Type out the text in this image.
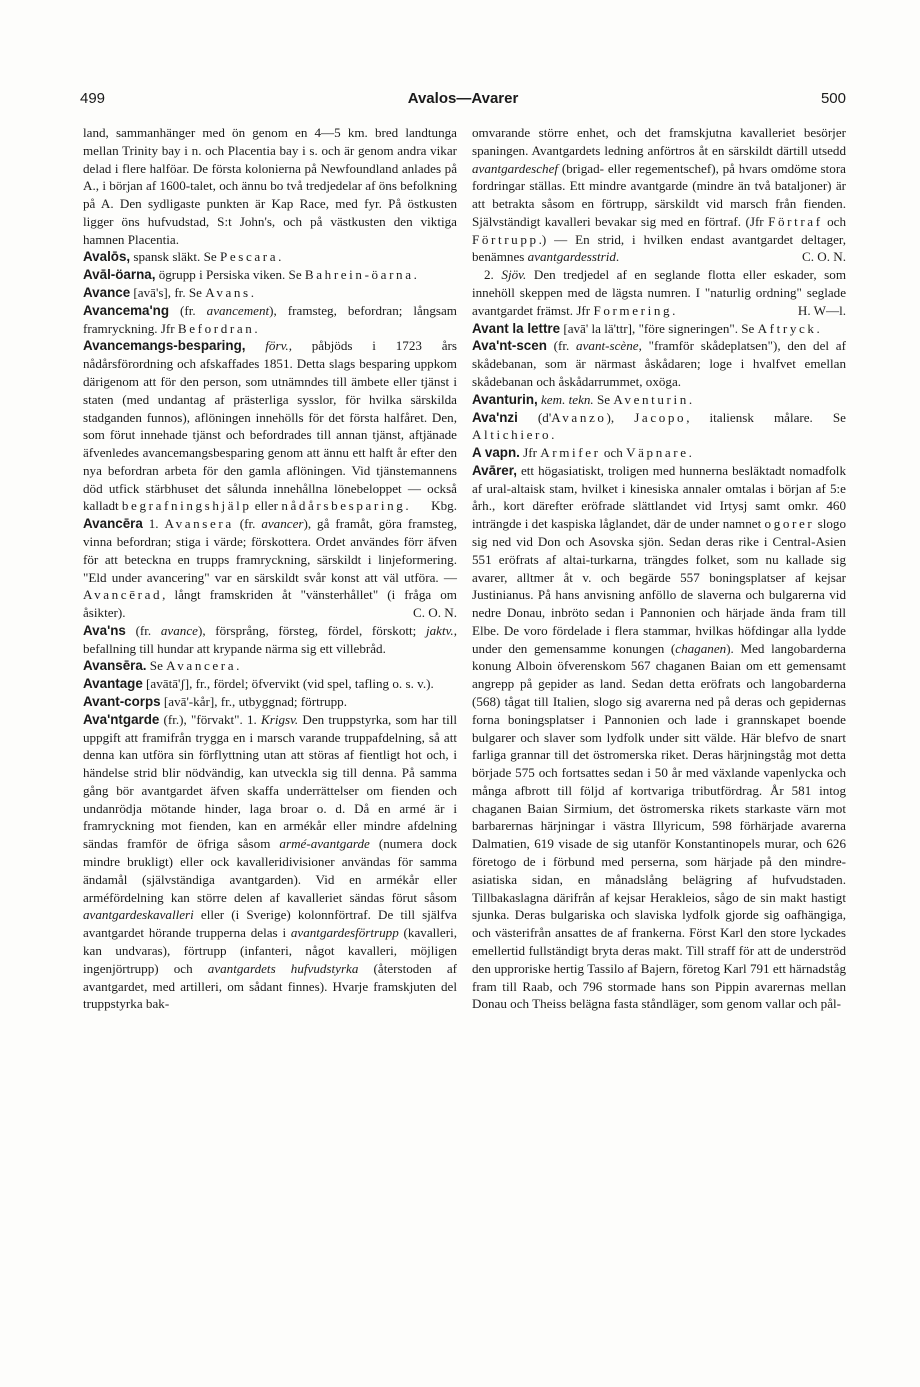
499	Avalos—Avarer	500

land, sammanhänger med ön genom en 4—5 km. bred landtunga mellan Trinity bay i n. och Placentia bay i s. och är genom andra vikar delad i flere halföar. De första kolonierna på Newfoundland anlades på A., i början af 1600-talet, och ännu bo två tredjedelar af öns befolkning på A. Den sydligaste punkten är Kap Race, med fyr. På östkusten ligger öns hufvudstad, S:t John's, och på västkusten den viktiga hamnen Placentia.

Avalōs, spansk släkt. Se Pescara.

Avāl-öarna, ögrupp i Persiska viken. Se Bahrein-öarna.

Avance [avā's], fr. Se Avans.

Avancema'ng (fr. avancement), framsteg, befordran; långsam framryckning. Jfr Befordran.

Avancemangs-besparing, förv., påbjöds i 1723 års nådårsförordning och afskaffades 1851. Detta slags besparing uppkom därigenom att för den person, som utnämndes till ämbete eller tjänst i staten (med undantag af prästerliga sysslor, för hvilka särskilda stadganden funnos), aflöningen innehölls för det första halfåret. Den, som förut innehade tjänst och befordrades till annan tjänst, aftjänade äfvenledes avancemangsbesparing genom att ännu ett halft år efter den nya befordran arbeta för den gamla aflöningen. Vid tjänstemannens död utfick stärbhuset det sålunda innehållna lönebeloppet — också kalladt begrafningshjälp eller nådårsbesparing.	Kbg.

Avancēra 1. Avansera (fr. avancer), gå framåt, göra framsteg, vinna befordran; stiga i värde; förskottera. Ordet användes förr äfven för att beteckna en trupps framryckning, särskildt i linjeformering. "Eld under avancering" var en särskildt svår konst att väl utföra. — Avancērad, långt framskriden åt "vänsterhållet" (i fråga om åsikter).	C. O. N.

Ava'ns (fr. avance), försprång, försteg, fördel, förskott; jaktv., befallning till hundar att krypande närma sig ett villebråd.

Avansēra. Se Avancera.

Avantage [avātā'ʃ], fr., fördel; öfvervikt (vid spel, tafling o. s. v.).

Avant-corps [avā'-kår], fr., utbyggnad; förtrupp.

Ava'ntgarde (fr.), "förvakt". 1. Krigsv. Den truppstyrka, som har till uppgift att framifrån trygga en i marsch varande truppafdelning, så att denna kan utföra sin förflyttning utan att störas af fientligt hot och, i händelse strid blir nödvändig, kan utveckla sig till denna. På samma gång bör avantgardet äfven skaffa underrättelser om fienden och undanrödja mötande hinder, laga broar o. d. Då en armé är i framryckning mot fienden, kan en armékår eller mindre afdelning sändas framför de öfriga såsom armé-avantgarde (numera dock mindre brukligt) eller ock kavalleridivisioner användas för samma ändamål (självständiga avantgarden). Vid en armékår eller arméfördelning kan större delen af kavalleriet sändas förut såsom avantgardeskavalleri eller (i Sverige) kolonnförtraf. De till själfva avantgardet hörande trupperna delas i avantgardesförtrupp (kavalleri, kan undvaras), förtrupp (infanteri, något kavalleri, möjligen ingenjörtrupp) och avantgardets hufvudstyrka (återstoden af avantgardet, med artilleri, om sådant finnes). Hvarje framskjuten del truppstyrka bak-

omvarande större enhet, och det framskjutna kavalleriet besörjer spaningen. Avantgardets ledning anförtros åt en särskildt därtill utsedd avantgardeschef (brigad- eller regementschef), på hvars omdöme stora fordringar ställas. Ett mindre avantgarde (mindre än två bataljoner) är att betrakta såsom en förtrupp, särskildt vid marsch från fienden. Självständigt kavalleri bevakar sig med en förtraf. (Jfr Förtraf och Förtrupp.) — En strid, i hvilken endast avantgardet deltager, benämnes avantgardesstrid.	C. O. N.

2. Sjöv. Den tredjedel af en seglande flotta eller eskader, som innehöll skeppen med de lägsta numren. I "naturlig ordning" seglade avantgardet främst. Jfr Formering.	H. W—l.

Avant la lettre [avā' la lä'ttr], "före signeringen". Se Aftryck.

Ava'nt-scen (fr. avant-scène, "framför skådeplatsen"), den del af skådebanan, som är närmast åskådaren; loge i hvalfvet emellan skådebanan och åskådarrummet, oxöga.

Avanturin, kem. tekn. Se Aventurin.

Ava'nzi (d'Avanzo), Jacopo, italiensk målare. Se Altichiero.

A vapn. Jfr Armifer och Väpnare.

Avārer, ett högasiatiskt, troligen med hunnerna besläktadt nomadfolk af ural-altaisk stam, hvilket i kinesiska annaler omtalas i början af 5:e årh., kort därefter eröfrade slättlandet vid Irtysj samt omkr. 460 inträngde i det kaspiska låglandet, där de under namnet ogorer slogo sig ned vid Don och Asovska sjön. Sedan deras rike i Central-Asien 551 eröfrats af altai-turkarna, trängdes folket, som nu kallade sig avarer, alltmer åt v. och begärde 557 boningsplatser af kejsar Justinianus. På hans anvisning anföllo de slaverna och bulgarerna vid nedre Donau, inbröto sedan i Pannonien och härjade ända fram till Elbe. De voro fördelade i flera stammar, hvilkas höfdingar alla lydde under den gemensamme konungen (chaganen). Med langobarderna konung Alboin öfverenskom 567 chaganen Baian om ett gemensamt angrepp på gepider as land. Sedan detta eröfrats och langobarderna (568) tågat till Italien, slogo sig avarerna ned på deras och gepidernas forna boningsplatser i Pannonien och lade i grannskapet boende bulgarer och slaver som lydfolk under sitt välde. Här blefvo de snart farliga grannar till det östromerska riket. Deras härjningståg mot detta började 575 och fortsattes sedan i 50 år med växlande vapenlycka och många afbrott till följd af kortvariga tributfördrag. År 581 intog chaganen Baian Sirmium, det östromerska rikets starkaste värn mot barbarernas härjningar i västra Illyricum, 598 förhärjade avarerna Dalmatien, 619 visade de sig utanför Konstantinopels murar, och 626 företogo de i förbund med perserna, som härjade på den mindre-asiatiska sidan, en månadslång belägring af hufvudstaden. Tillbakaslagna därifrån af kejsar Herakleios, sågo de sin makt hastigt sjunka. Deras bulgariska och slaviska lydfolk gjorde sig oafhängiga, och västerifrån ansattes de af frankerna. Först Karl den store lyckades emellertid fullständigt bryta deras makt. Till straff för att de underströd den upproriske hertig Tassilo af Bajern, företog Karl 791 ett härnadståg fram till Raab, och 796 stormade hans son Pippin avarernas mellan Donau och Theiss belägna fasta ståndläger, som genom vallar och pål-
